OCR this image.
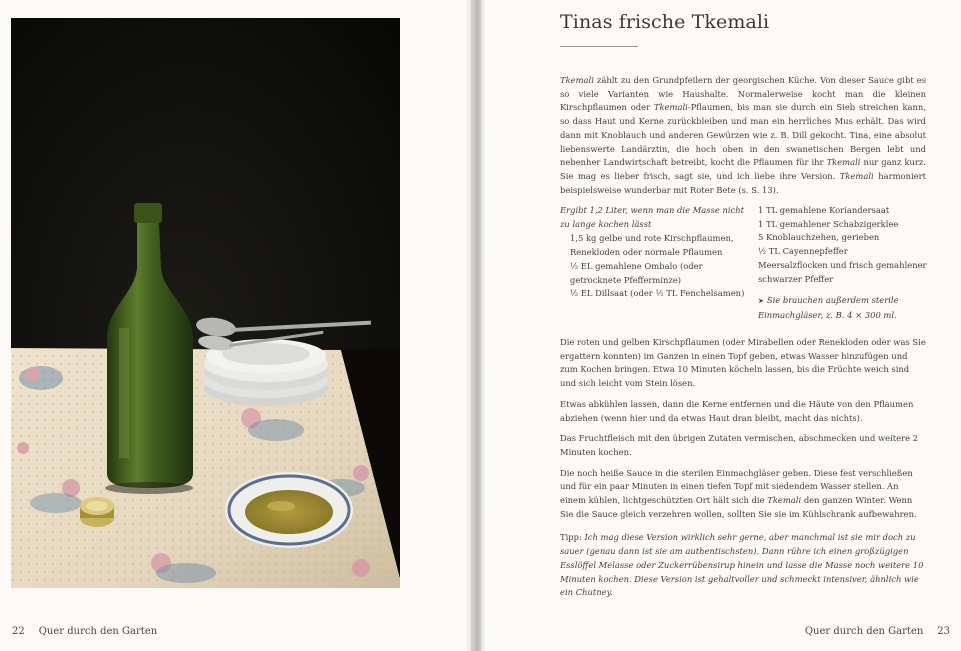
22 Quer durch den Garten
Tinas frische Tkemali

Tkemali zählt zu den Grundpfeilern der georgischen Küche. Von dieser Sauce gibt es so viele Varianten wie Haushalte. Normalerweise kocht man die kleinen Kirschpflaumen oder Tkemali-Pflaumen, bis man sie durch ein Sieb streichen kann, so dass Haut und Kerne zurückbleiben und man ein herrliches Mus erhält. Das wird dann mit Knoblauch und anderen Gewürzen wie z. B. Dill gekocht. Tina, eine absolut liebenswerte Landärztin, die hoch oben in den swanetischen Bergen lebt und nebenher Landwirtschaft betreibt, kocht die Pflaumen für ihr Tkemali nur ganz kurz. Sie mag es lieber frisch, sagt sie, und ich liebe ihre Version. Tkemali harmoniert beispielsweise wunderbar mit Roter Bete (s. S. 13).

Ergibt 1,2 Liter, wenn man die Masse nicht zu lange kochen lässt

1,5 kg gelbe und rote Kirschpflaumen, Reneklоden oder normale Pflaumen
½ EL gemahlene Ombalo (oder getrocknete Pfefferminze)
½ EL Dillsaat (oder ½ TL Fenchelsamen)
1 TL gemahlene Koriandersaat
1 TL gemahlener Schabzigerklee
5 Knoblauchzehen, gerieben
½ TL Cayennepfeffer
Meersalzflocken und frisch gemahlener schwarzer Pfeffer
➤ Sie brauchen außerdem sterile Einmachgläser, z. B. 4 × 300 ml.

Die roten und gelben Kirschpflaumen (oder Mirabellen oder Renekloden oder was Sie ergattern konnten) im Ganzen in einen Topf geben, etwas Wasser hinzufügen und zum Kochen bringen. Etwa 10 Minuten köcheln lassen, bis die Früchte weich sind und sich leicht vom Stein lösen.

Etwas abkühlen lassen, dann die Kerne entfernen und die Häute von den Pflaumen abziehen (wenn hier und da etwas Haut dran bleibt, macht das nichts).

Das Fruchtfleisch mit den übrigen Zutaten vermischen, abschmecken und weitere 2 Minuten kochen.

Die noch heiße Sauce in die sterilen Einmachgläser geben. Diese fest verschließen und für ein paar Minuten in einen tiefen Topf mit siedendem Wasser stellen. An einem kühlen, lichtgeschützten Ort hält sich die Tkemali den ganzen Winter. Wenn Sie die Sauce gleich verzehren wollen, sollten Sie sie im Kühlschrank aufbewahren.

Tipp: Ich mag diese Version wirklich sehr gerne, aber manchmal ist sie mir doch zu sauer (genau dann ist sie am authentischsten). Dann rühre ich einen großzügigen Esslöffel Melasse oder Zuckerrübensirup hinein und lasse die Masse noch weitere 10 Minuten kochen. Diese Version ist gehaltvoller und schmeckt intensiver, ähnlich wie ein Chutney.

Quer durch den Garten 23
